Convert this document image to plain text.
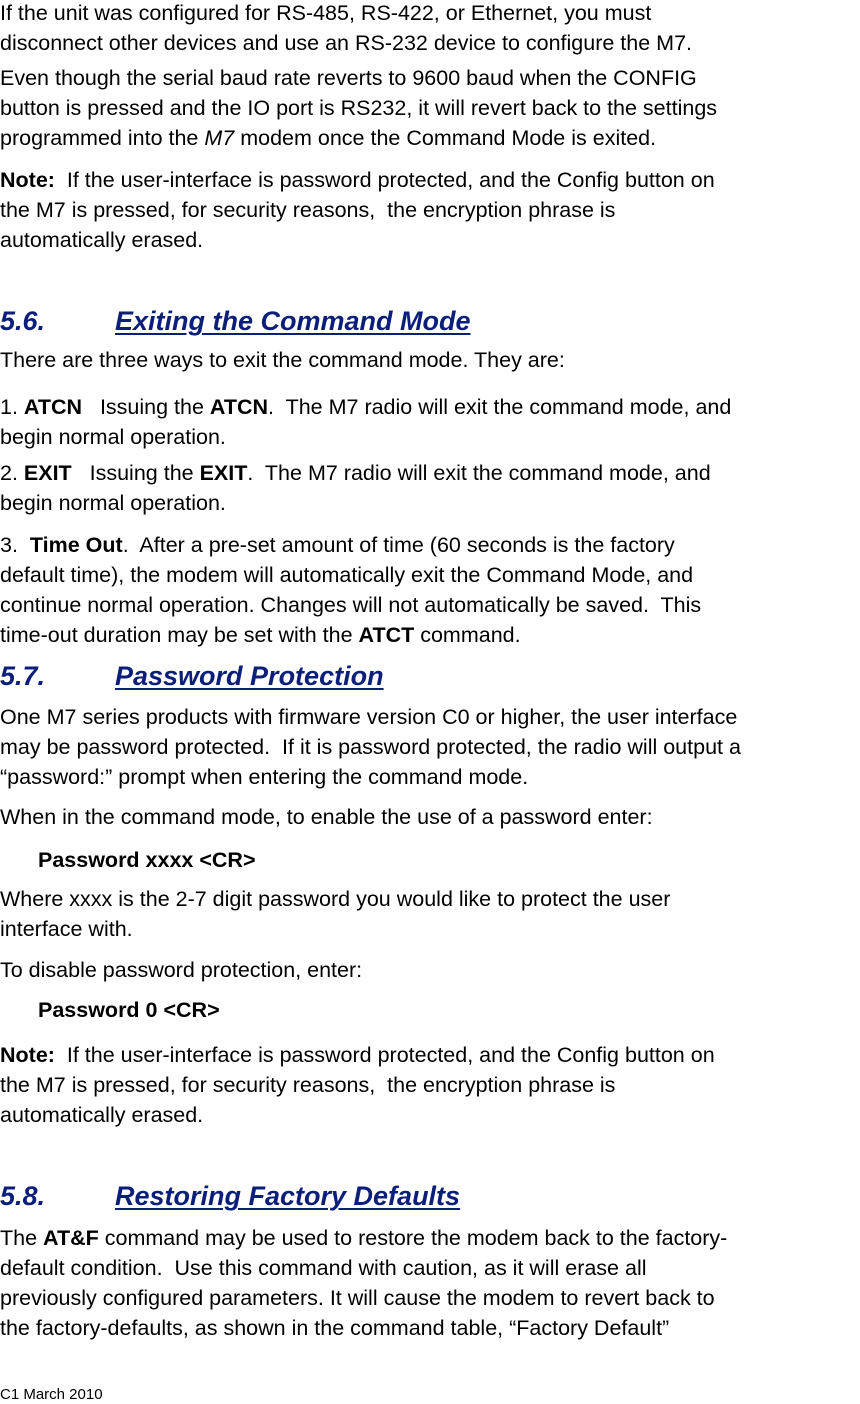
If the unit was configured for RS-485, RS-422, or Ethernet, you must
disconnect other devices and use an RS-232 device to configure the M7.

Even though the serial baud rate reverts to 9600 baud when the CONFIG
button is pressed and the IO port is RS232, it will revert back to the settings
programmed into the M7 modem once the Command Mode is exited.

Note:  If the user-interface is password protected, and the Config button on
the M7 is pressed, for security reasons,  the encryption phrase is
automatically erased.

5.6.	Exiting the Command Mode

There are three ways to exit the command mode. They are:

1. ATCN   Issuing the ATCN.  The M7 radio will exit the command mode, and
begin normal operation.

2. EXIT   Issuing the EXIT.  The M7 radio will exit the command mode, and
begin normal operation.

3.  Time Out.  After a pre-set amount of time (60 seconds is the factory
default time), the modem will automatically exit the Command Mode, and
continue normal operation. Changes will not automatically be saved.  This
time-out duration may be set with the ATCT command.

5.7.	Password Protection

One M7 series products with firmware version C0 or higher, the user interface
may be password protected.  If it is password protected, the radio will output a
“password:” prompt when entering the command mode.

When in the command mode, to enable the use of a password enter:

Password xxxx <CR>

Where xxxx is the 2-7 digit password you would like to protect the user
interface with.

To disable password protection, enter:

Password 0 <CR>

Note:  If the user-interface is password protected, and the Config button on
the M7 is pressed, for security reasons,  the encryption phrase is
automatically erased.

5.8.	Restoring Factory Defaults

The AT&F command may be used to restore the modem back to the factory-
default condition.  Use this command with caution, as it will erase all
previously configured parameters. It will cause the modem to revert back to
the factory-defaults, as shown in the command table, “Factory Default”

C1 March 2010
